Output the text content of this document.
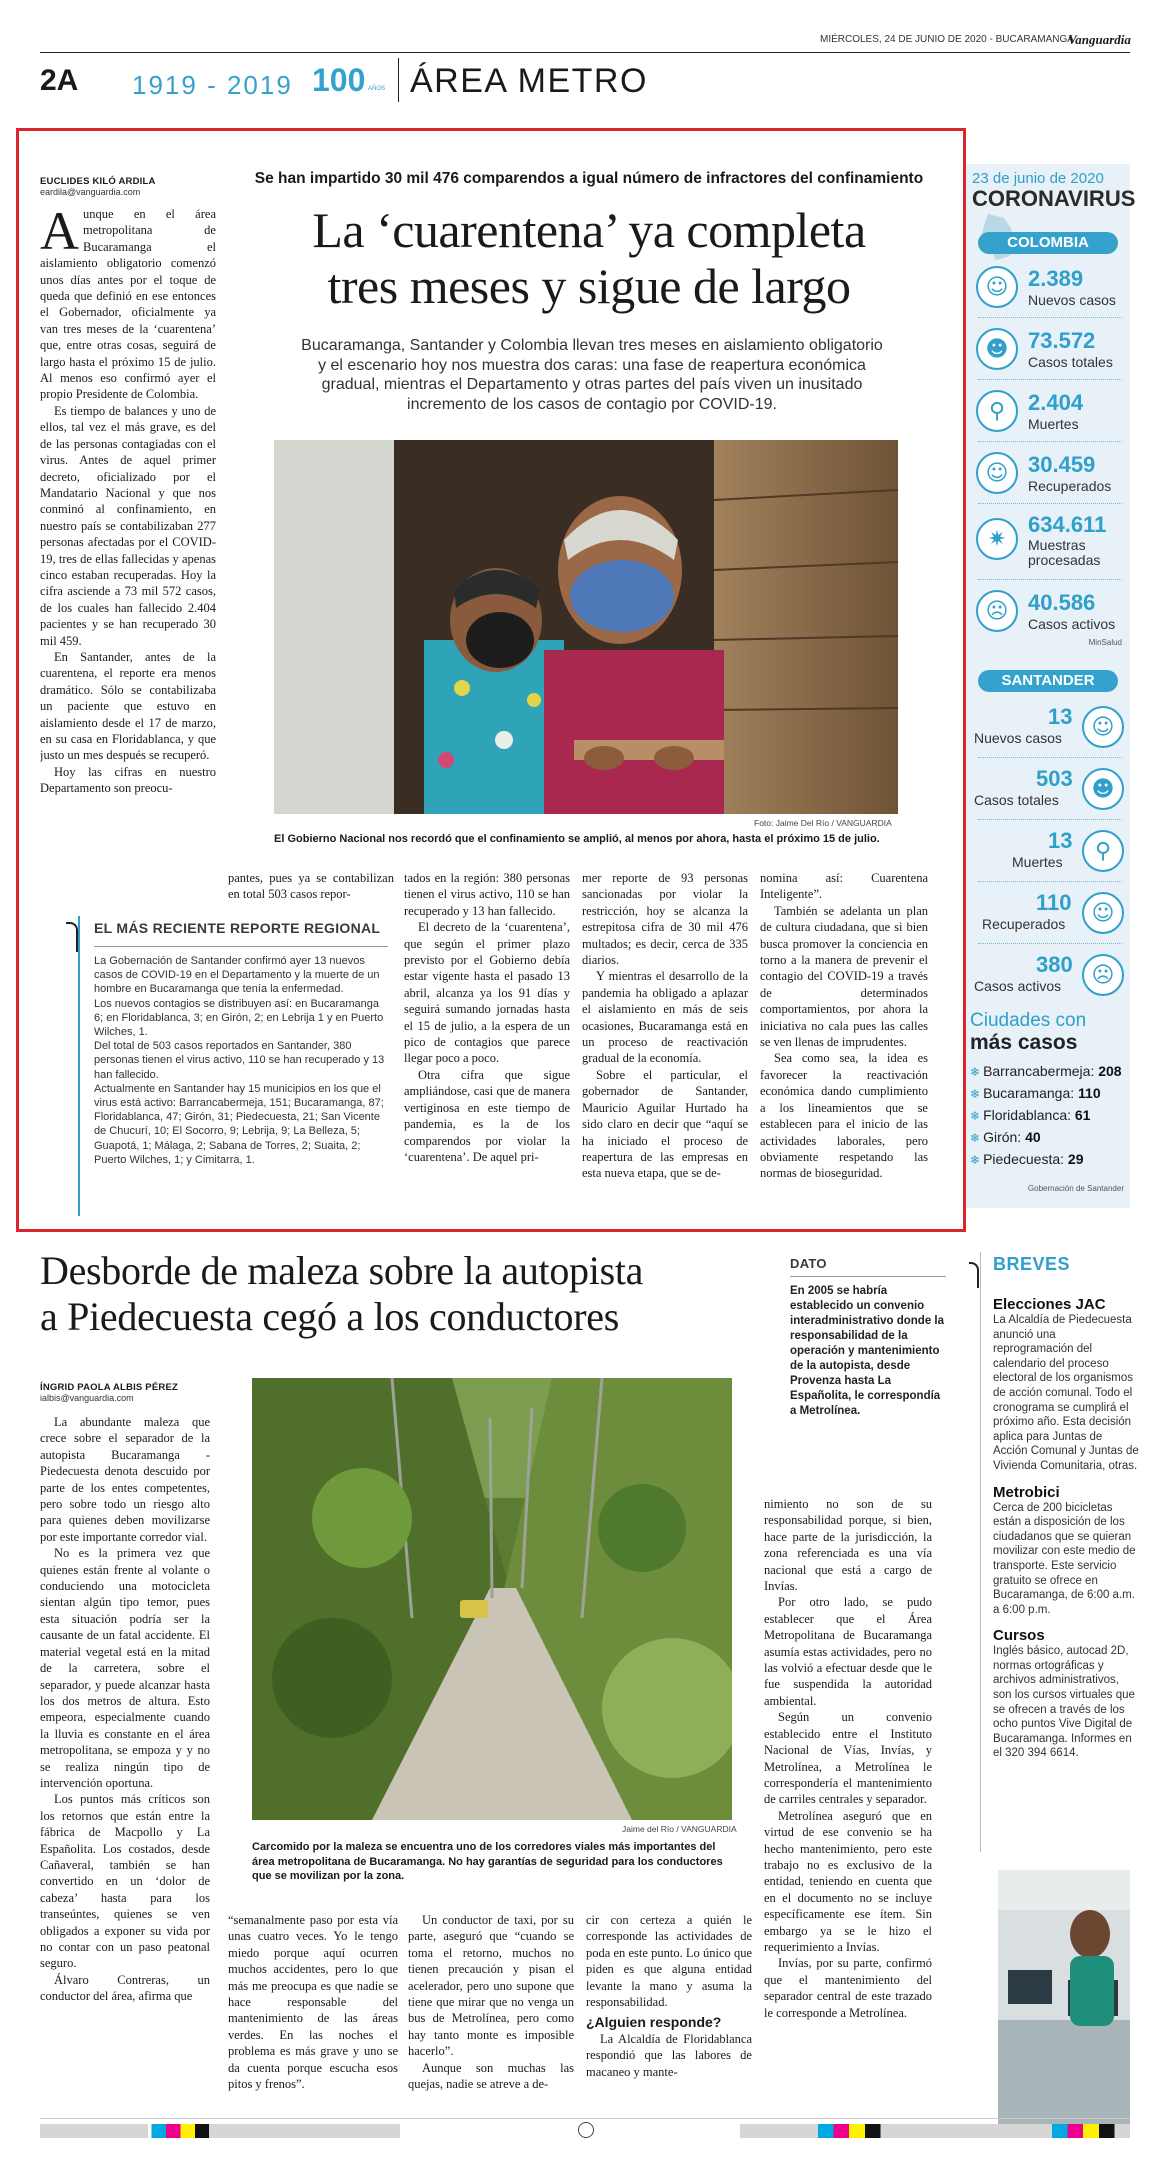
MIÉRCOLES, 24 DE JUNIO DE 2020 - BUCARAMANGA
Vanguardia
2A 1919 - 2019 100 AÑOS ÁREA METRO
EUCLIDES KILÓ ARDILA
eardila@vanguardia.com
Se han impartido 30 mil 476 comparendos a igual número de infractores del confinamiento
La ‘cuarentena’ ya completa
tres meses y sigue de largo
Bucaramanga, Santander y Colombia llevan tres meses en aislamiento obligatorio y el escenario hoy nos muestra dos caras: una fase de reapertura económica gradual, mientras el Departamento y otras partes del país viven un inusitado incremento de los casos de contagio por COVID-19.
Foto: Jaime Del Río / VANGUARDIA
El Gobierno Nacional nos recordó que el confinamiento se amplió, al menos por ahora, hasta el próximo 15 de julio.
A unque en el área metropolitana de Bucaramanga el aislamiento obligatorio comenzó unos días antes por el toque de queda que definió en ese entonces el Gobernador, oficialmente ya van tres meses de la ‘cuarentena’ que, entre otras cosas, seguirá de largo hasta el próximo 15 de julio. Al menos eso confirmó ayer el propio Presidente de Colombia.

Es tiempo de balances y uno de ellos, tal vez el más grave, es del de las personas contagiadas con el virus. Antes de aquel primer decreto, oficializado por el Mandatario Nacional y que nos conminó al confinamiento, en nuestro país se contabilizaban 277 personas afectadas por el COVID-19, tres de ellas fallecidas y apenas cinco estaban recuperadas. Hoy la cifra asciende a 73 mil 572 casos, de los cuales han fallecido 2.404 pacientes y se han recuperado 30 mil 459.

En Santander, antes de la cuarentena, el reporte era menos dramático. Sólo se contabilizaba un paciente que estuvo en aislamiento desde el 17 de marzo, en su casa en Floridablanca, y que justo un mes después se recuperó.

Hoy las cifras en nuestro Departamento son preocu-

pantes, pues ya se contabilizan en total 503 casos repor-

tados en la región: 380 personas tienen el virus activo, 110 se han recuperado y 13 han fallecido.

El decreto de la ‘cuarentena’, que según el primer plazo previsto por el Gobierno debía estar vigente hasta el pasado 13 abril, alcanza ya los 91 días y seguirá sumando jornadas hasta el 15 de julio, a la espera de un pico de contagios que parece llegar poco a poco.

Otra cifra que sigue ampliándose, casi que de manera vertiginosa en este tiempo de pandemia, es la de los comparendos por violar la ‘cuarentena’. De aquel pri-

mer reporte de 93 personas sancionadas por violar la restricción, hoy se alcanza la estrepitosa cifra de 30 mil 476 multados; es decir, cerca de 335 diarios.

Y mientras el desarrollo de la pandemia ha obligado a aplazar el aislamiento en más de seis ocasiones, Bucaramanga está en un proceso de reactivación gradual de la economía.

Sobre el particular, el gobernador de Santander, Mauricio Aguilar Hurtado ha sido claro en decir que “aquí se ha iniciado el proceso de reapertura de las empresas en esta nueva etapa, que se de-

nomina así: Cuarentena Inteligente”.

También se adelanta un plan de cultura ciudadana, que si bien busca promover la conciencia en torno a la manera de prevenir el contagio del COVID-19 a través de determinados comportamientos, por ahora la iniciativa no cala pues las calles se ven llenas de imprudentes.

Sea como sea, la idea es favorecer la reactivación económica dando cumplimiento a los lineamientos que se establecen para el inicio de las actividades laborales, pero obviamente respetando las normas de bioseguridad.

EL MÁS RECIENTE REPORTE REGIONAL
La Gobernación de Santander confirmó ayer 13 nuevos casos de COVID-19 en el Departamento y la muerte de un hombre en Bucaramanga que tenía la enfermedad.
Los nuevos contagios se distribuyen así: en Bucaramanga 6; en Floridablanca, 3; en Girón, 2; en Lebrija 1 y en Puerto Wilches, 1.
Del total de 503 casos reportados en Santander, 380 personas tienen el virus activo, 110 se han recuperado y 13 han fallecido.
Actualmente en Santander hay 15 municipios en los que el virus está activo: Barrancabermeja, 151; Bucaramanga, 87; Floridablanca, 47; Girón, 31; Piedecuesta, 21; San Vicente de Chucurí, 10; El Socorro, 9; Lebrija, 9; La Belleza, 5; Guapotá, 1; Málaga, 2; Sabana de Torres, 2; Suaita, 2; Puerto Wilches, 1; y Cimitarra, 1.
23 de junio de 2020
CORONAVIRUS
COLOMBIA
☺ 2.389
Nuevos casos
☻ 73.572
Casos totales
⚲	2.404
Muertes
☺ 30.459
Recuperados
✷
634.611
Muestras procesadas
☹ 40.586
Casos activos
MinSalud
SANTANDER
13
Nuevos casos	☺
503
Casos totales	☻
13
Muertes	⚲
110
Recuperados	☺
380
Casos activos	☹
Ciudades con
más casos
❄ Barrancabermeja: 208
❄ Bucaramanga: 110
❄ Floridablanca: 61
❄ Girón: 40
❄ Piedecuesta: 29
Gobernación de Santander
Desborde de maleza sobre la autopista
a Piedecuesta cegó a los conductores
ÍNGRID PAOLA ALBIS PÉREZ
ialbis@vanguardia.com

La abundante maleza que crece sobre el separador de la autopista Bucaramanga - Piedecuesta denota descuido por parte de los entes competentes, pero sobre todo un riesgo alto para quienes deben movilizarse por este importante corredor vial.

No es la primera vez que quienes están frente al volante o conduciendo una motocicleta sientan algún tipo temor, pues esta situación podría ser la causante de un fatal accidente. El material vegetal está en la mitad de la carretera, sobre el separador, y puede alcanzar hasta los dos metros de altura. Esto empeora, especialmente cuando la lluvia es constante en el área metropolitana, se empoza y y no se realiza ningún tipo de intervención oportuna.

Los puntos más críticos son los retornos que están entre la fábrica de Macpollo y La Españolita. Los costados, desde Cañaveral, también se han convertido en un ‘dolor de cabeza’ hasta para los transeúntes, quienes se ven obligados a exponer su vida por no contar con un paso peatonal seguro.

Álvaro Contreras, un conductor del área, afirma que

Jaime del Río / VANGUARDIA
Carcomido por la maleza se encuentra uno de los corredores viales más importantes del área metropolitana de Bucaramanga. No hay garantías de seguridad para los conductores que se movilizan por la zona.

“semanalmente paso por esta vía unas cuatro veces. Yo le tengo miedo porque aquí ocurren muchos accidentes, pero lo que más me preocupa es que nadie se hace responsable del mantenimiento de las áreas verdes. En las noches el problema es más grave y uno se da cuenta porque escucha esos pitos y frenos”.

Un conductor de taxi, por su parte, aseguró que “cuando se toma el retorno, muchos no tienen precaución y pisan el acelerador, pero uno supone que tiene que mirar que no venga un bus de Metrolínea, pero como hay tanto monte es imposible hacerlo”.

Aunque son muchas las quejas, nadie se atreve a de-

cir con certeza a quién le corresponde las actividades de poda en este punto. Lo único que piden es que alguna entidad levante la mano y asuma la responsabilidad.

¿Alguien responde?

La Alcaldía de Floridablanca respondió que las labores de macaneo y mante-

nimiento no son de su responsabilidad porque, si bien, hace parte de la jurisdicción, la zona referenciada es una vía nacional que está a cargo de Invías.

Por otro lado, se pudo establecer que el Área Metropolitana de Bucaramanga asumía estas actividades, pero no las volvió a efectuar desde que le fue suspendida la autoridad ambiental.

Según un convenio establecido entre el Instituto Nacional de Vías, Invías, y Metrolínea, a Metrolínea le correspondería el mantenimiento de carriles centrales y separador.

Metrolínea aseguró que en virtud de ese convenio se ha hecho mantenimiento, pero este trabajo no es exclusivo de la entidad, teniendo en cuenta que en el documento no se incluye específicamente ese ítem. Sin embargo ya se le hizo el requerimiento a Invías.

Invías, por su parte, confirmó que el mantenimiento del separador central de este trazado le corresponde a Metrolínea.

DATO
En 2005 se habría establecido un convenio interadministrativo donde la responsabilidad de la operación y mantenimiento de la autopista, desde Provenza hasta La Españolita, le correspondía a Metrolínea.
BREVES
Elecciones JAC
La Alcaldía de Piedecuesta anunció una reprogramación del calendario del proceso electoral de los organismos de acción comunal. Todo el cronograma se cumplirá el próximo año. Esta decisión aplica para Juntas de Acción Comunal y Juntas de Vivienda Comunitaria, otras.
Metrobici
Cerca de 200 bicicletas están a disposición de los ciudadanos que se quieran movilizar con este medio de transporte. Este servicio gratuito se ofrece en Bucaramanga, de 6:00 a.m. a 6:00 p.m.
Cursos
Inglés básico, autocad 2D, normas ortográficas y archivos administrativos, son los cursos virtuales que se ofrecen a través de los ocho puntos Vive Digital de Bucaramanga. Informes en el 320 394 6614.
